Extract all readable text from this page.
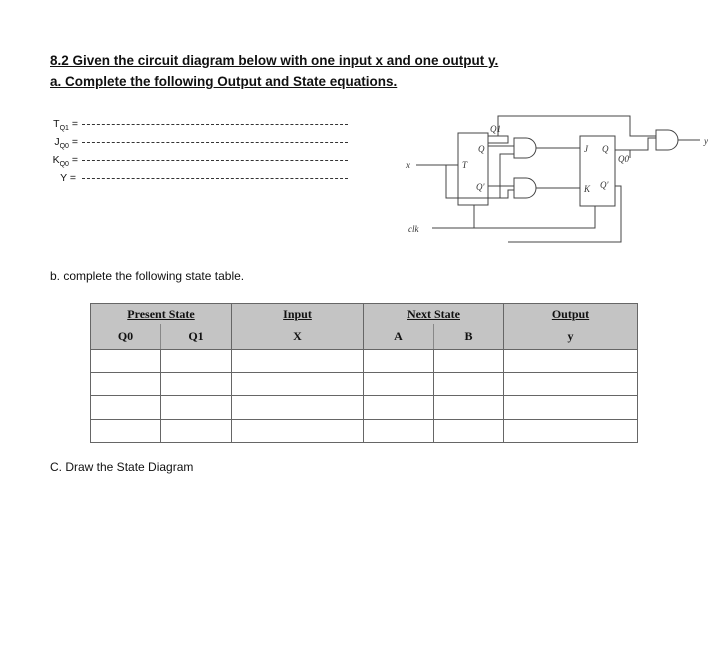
8.2 Given the circuit diagram below with one input x and one output y.

a. Complete the following Output and State equations.

$T_{Q1}$ =
$J_{Q0}$ =
$K_{Q0}$ =
Y =
x
clk
y
T
Q
Q'
Q1
J
K
Q
Q'
Q0

b. complete the following state table.

Present State		Input	Next State		Output
Q0	Q1	X	A	B	y

C. Draw the State Diagram
